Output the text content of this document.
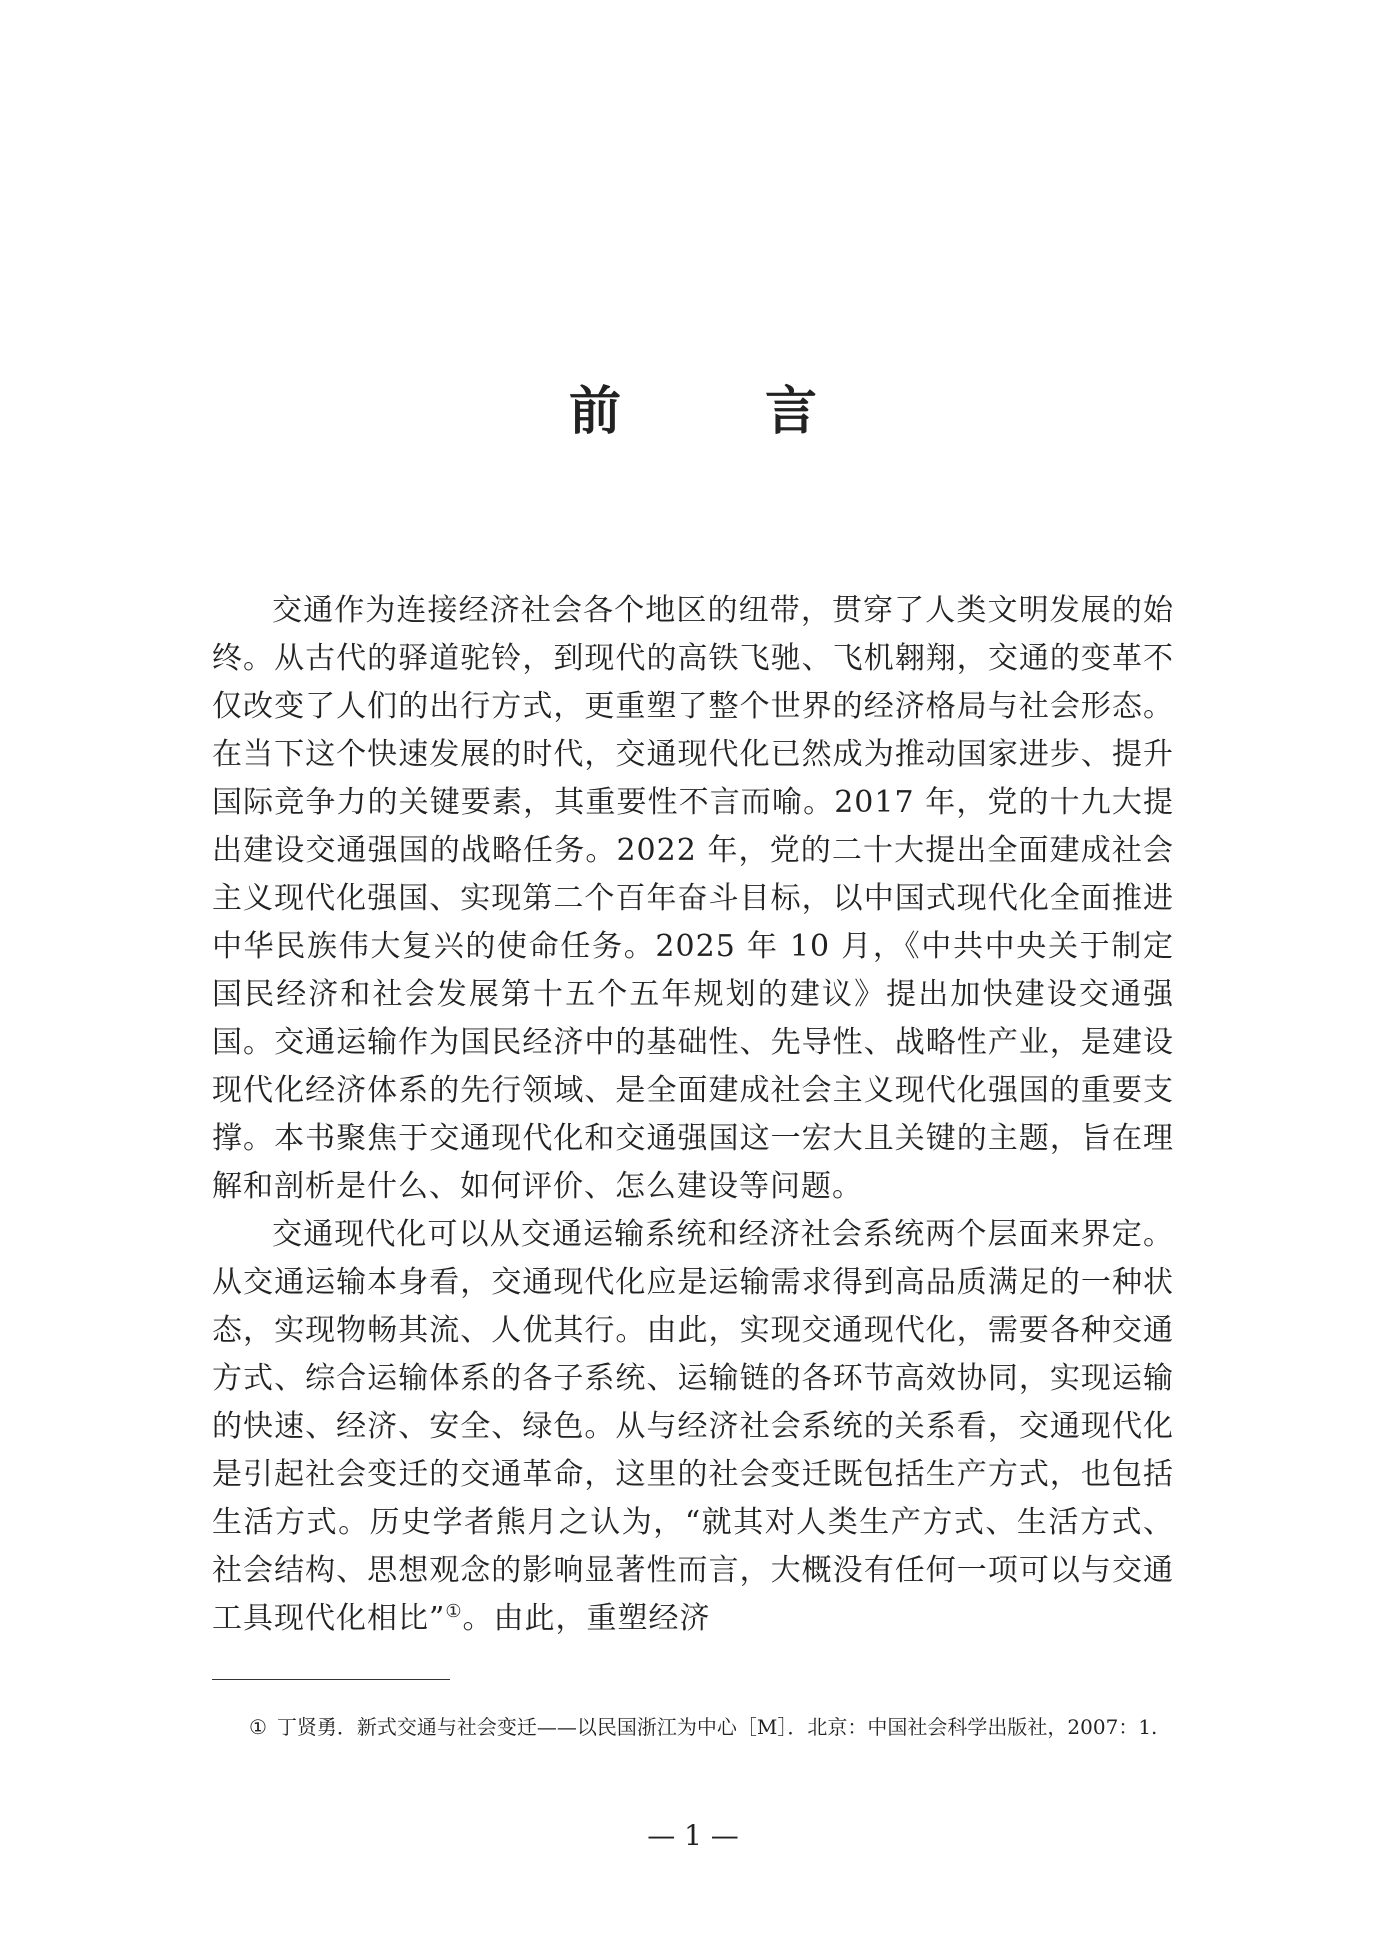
前　言

交通作为连接经济社会各个地区的纽带，贯穿了人类文明发展的始终。从古代的驿道驼铃，到现代的高铁飞驰、飞机翱翔，交通的变革不仅改变了人们的出行方式，更重塑了整个世界的经济格局与社会形态。在当下这个快速发展的时代，交通现代化已然成为推动国家进步、提升国际竞争力的关键要素，其重要性不言而喻。2017 年，党的十九大提出建设交通强国的战略任务。2022 年，党的二十大提出全面建成社会主义现代化强国、实现第二个百年奋斗目标，以中国式现代化全面推进中华民族伟大复兴的使命任务。2025 年 10 月，《中共中央关于制定国民经济和社会发展第十五个五年规划的建议》提出加快建设交通强国。交通运输作为国民经济中的基础性、先导性、战略性产业，是建设现代化经济体系的先行领域、是全面建成社会主义现代化强国的重要支撑。本书聚焦于交通现代化和交通强国这一宏大且关键的主题，旨在理解和剖析是什么、如何评价、怎么建设等问题。

交通现代化可以从交通运输系统和经济社会系统两个层面来界定。从交通运输本身看，交通现代化应是运输需求得到高品质满足的一种状态，实现物畅其流、人优其行。由此，实现交通现代化，需要各种交通方式、综合运输体系的各子系统、运输链的各环节高效协同，实现运输的快速、经济、安全、绿色。从与经济社会系统的关系看，交通现代化是引起社会变迁的交通革命，这里的社会变迁既包括生产方式，也包括生活方式。历史学者熊月之认为，“就其对人类生产方式、生活方式、社会结构、思想观念的影响显著性而言，大概没有任何一项可以与交通工具现代化相比”①。由此，重塑经济

① 丁贤勇．新式交通与社会变迁——以民国浙江为中心［M］．北京：中国社会科学出版社，2007：1.

— 1 —
